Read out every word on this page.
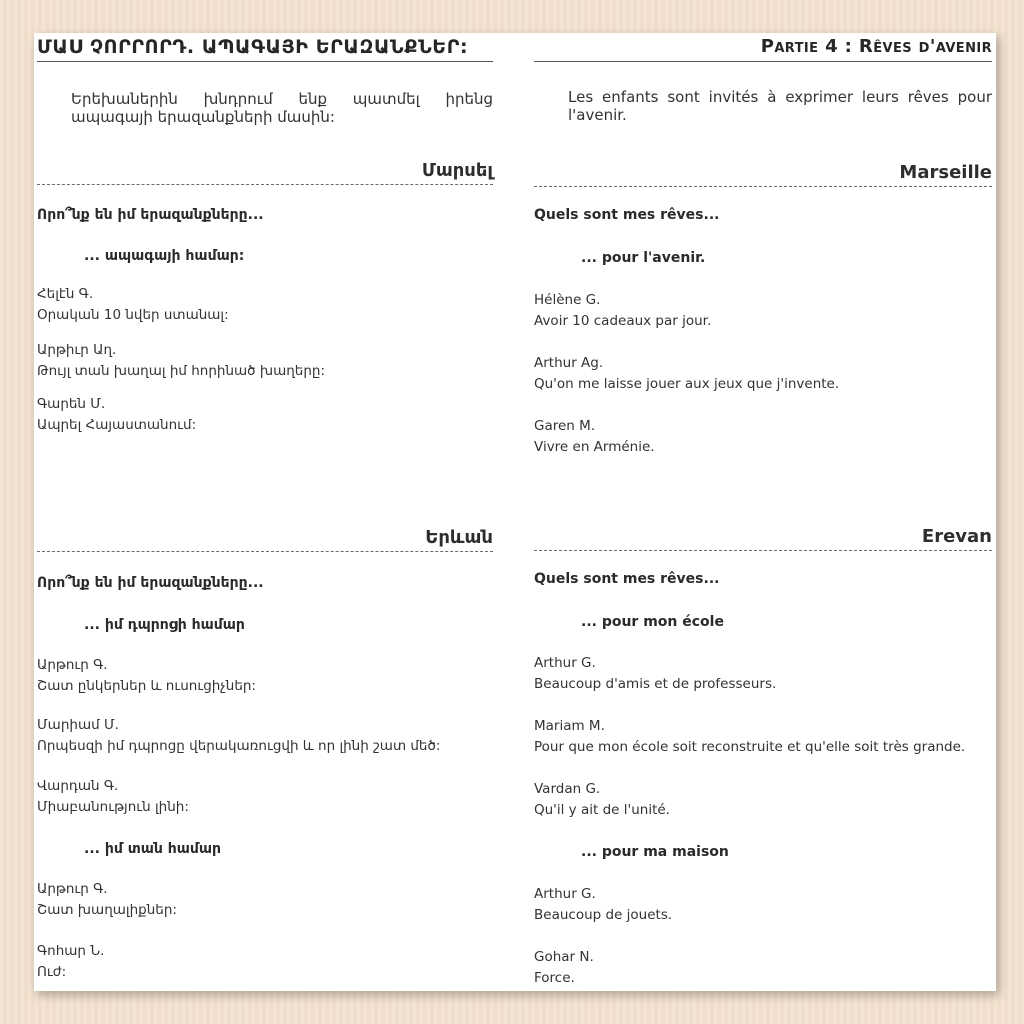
ՄԱՍ ՉՈՐՐՈՐԴ. ԱՊԱԳԱՅԻ ԵՐԱԶԱՆՔՆԵՐ:

Երեխաներին խնդրում ենք պատմել իրենց ապագայի երազանքների մասին:

Մարսել
Որո՞նք են իմ երազանքները...
... ապագայի համար:
Հելէն Գ.
Օրական 10 նվեր ստանալ:
Արթիւր Աղ.
Թույլ տան խաղալ իմ հորինած խաղերը:
Գարեն Մ.
Ապրել Հայաստանում:
Երևան
Որո՞նք են իմ երազանքները...
... իմ դպրոցի համար
Արթուր Գ.
Շատ ընկերներ և ուսուցիչներ:
Մարիամ Մ.
Որպեսզի իմ դպրոցը վերակառուցվի և որ լինի շատ մեծ:
Վարդան Գ.
Միաբանություն լինի:
... իմ տան համար
Արթուր Գ.
Շատ խաղալիքներ:
Գոհար Ն.
Ուժ:
Partie 4 : Rêves d'avenir

Les enfants sont invités à exprimer leurs rêves pour l'avenir.

Marseille
Quels sont mes rêves...
... pour l'avenir.
Hélène G.
Avoir 10 cadeaux par jour.
Arthur Ag.
Qu'on me laisse jouer aux jeux que j'invente.
Garen M.
Vivre en Arménie.
Erevan
Quels sont mes rêves...
... pour mon école
Arthur G.
Beaucoup d'amis et de professeurs.
Mariam M.
Pour que mon école soit reconstruite et qu'elle soit très grande.
Vardan G.
Qu'il y ait de l'unité.
... pour ma maison
Arthur G.
Beaucoup de jouets.
Gohar N.
Force.
